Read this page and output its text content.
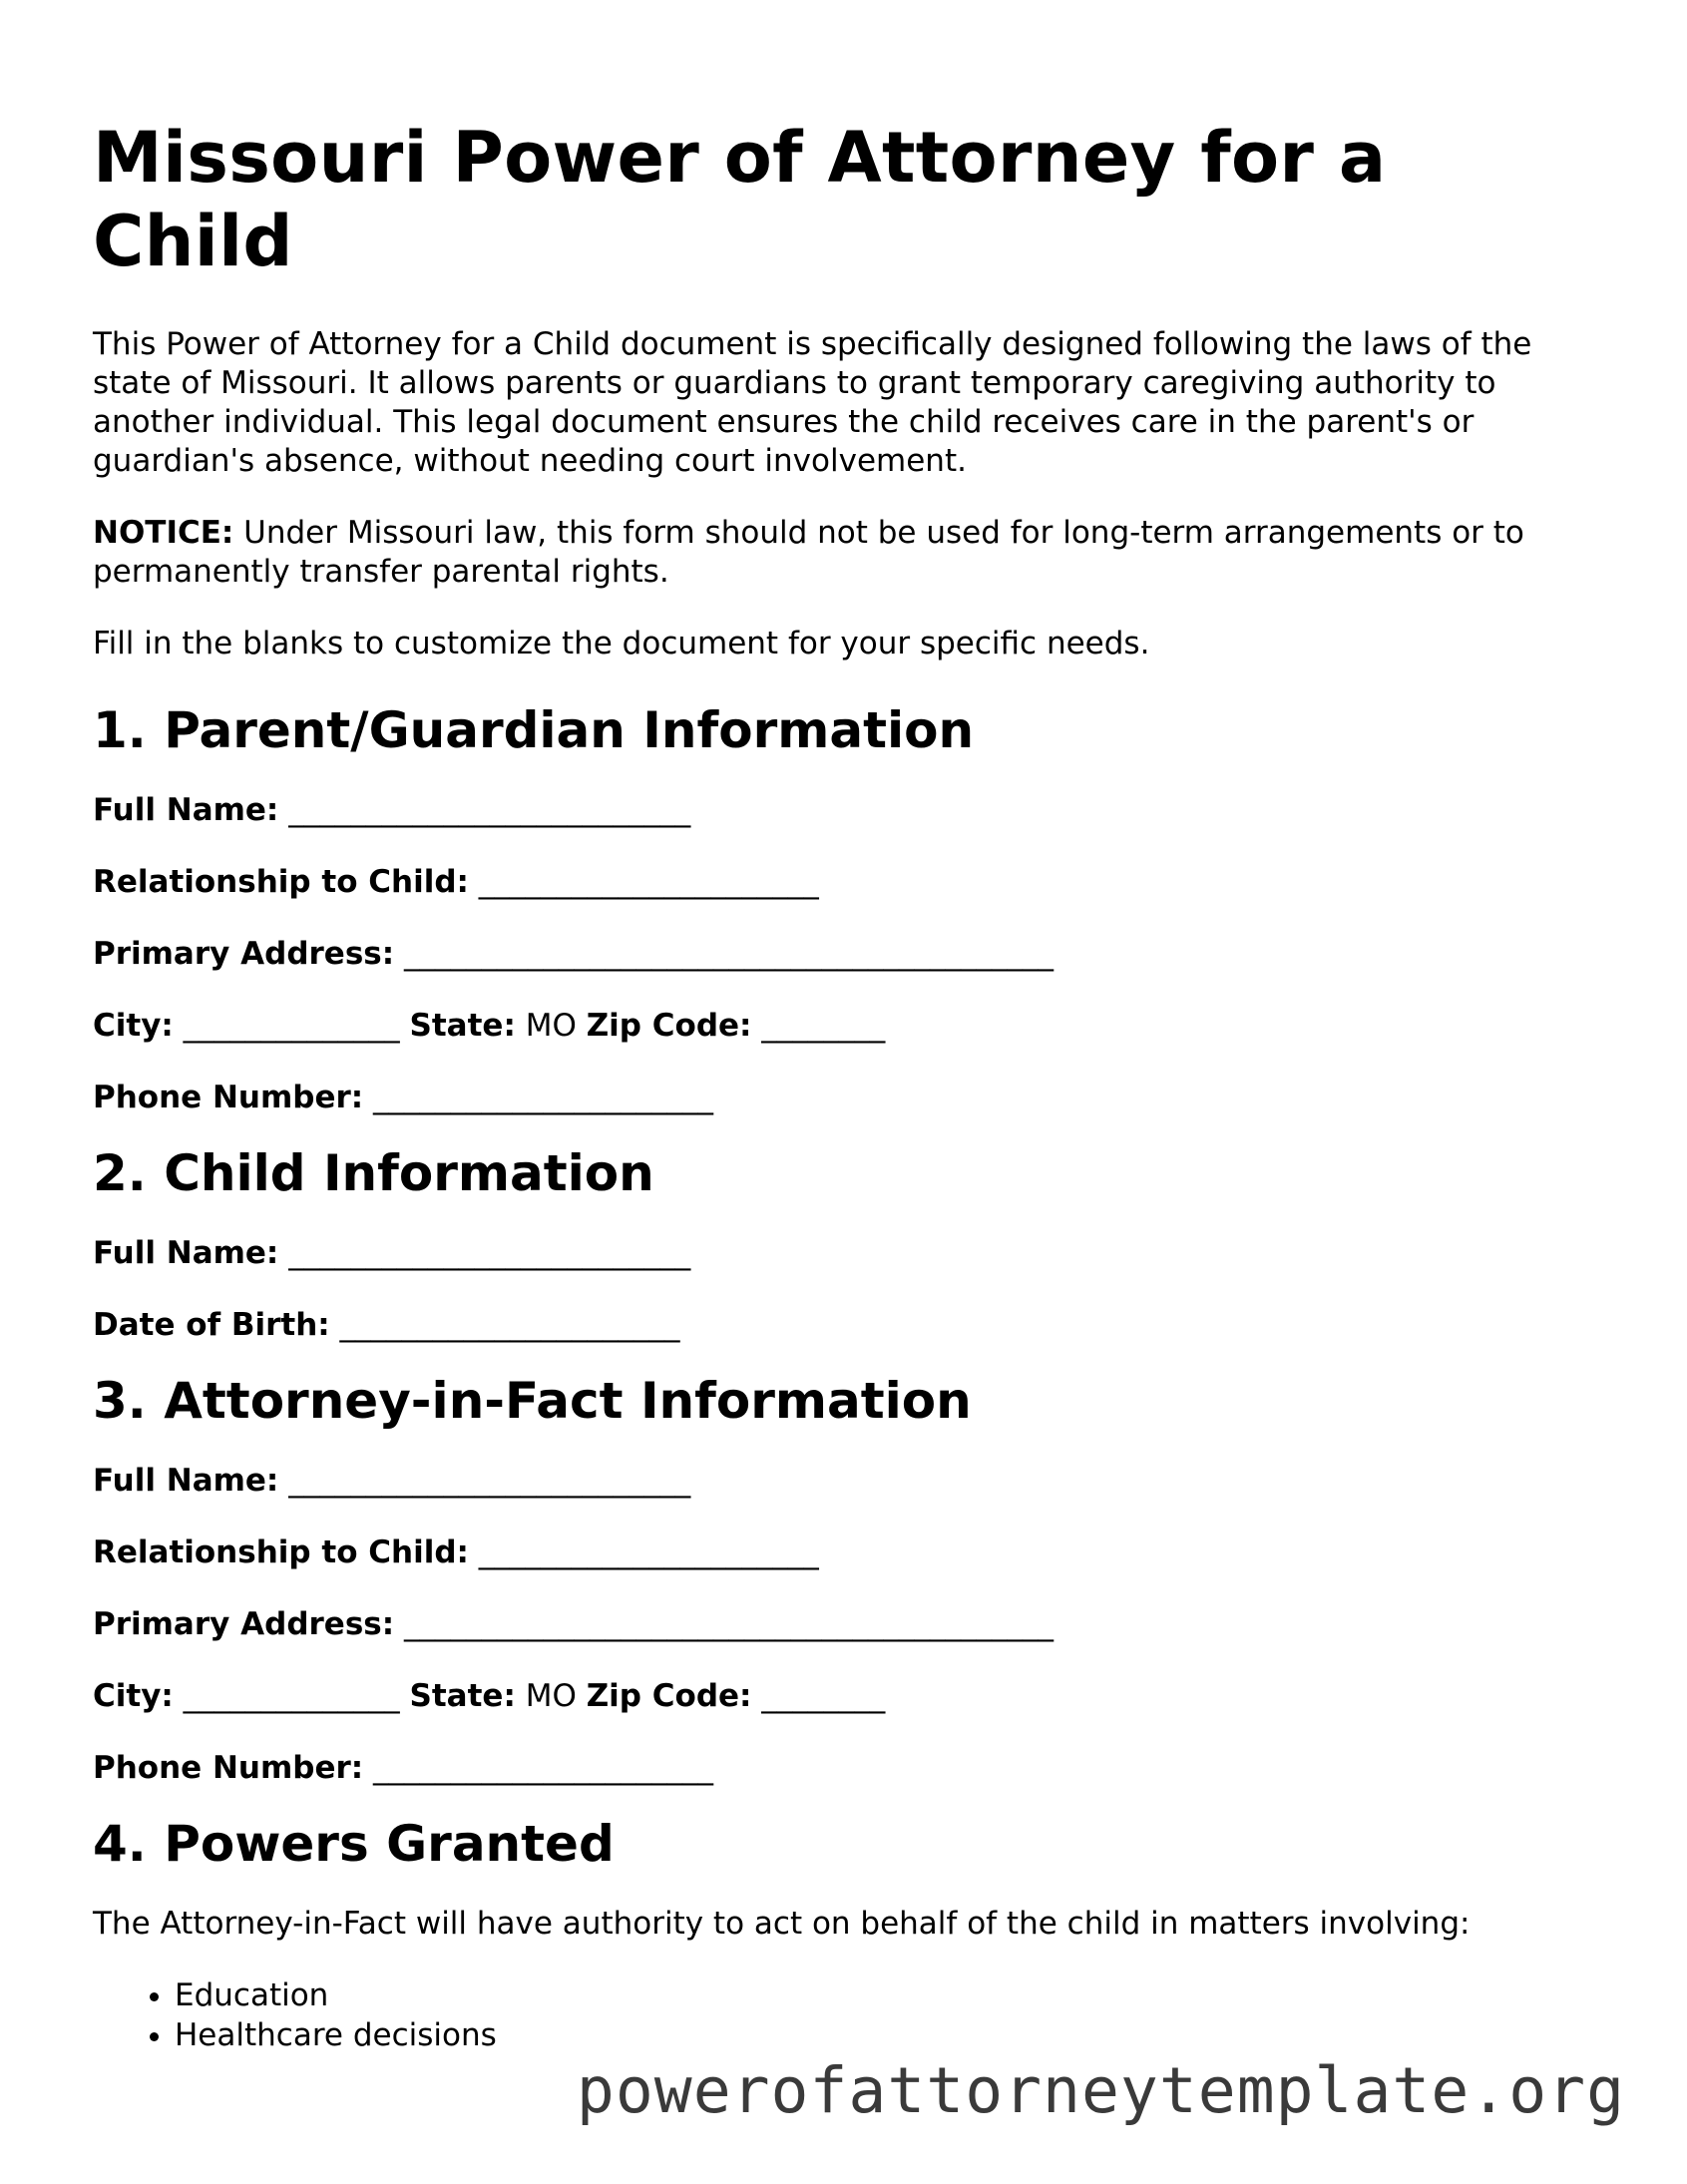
Missouri Power of Attorney for a Child

This Power of Attorney for a Child document is specifically designed following the laws of the state of Missouri. It allows parents or guardians to grant temporary caregiving authority to another individual. This legal document ensures the child receives care in the parent's or guardian's absence, without needing court involvement.

NOTICE: Under Missouri law, this form should not be used for long-term arrangements or to permanently transfer parental rights.

Fill in the blanks to customize the document for your specific needs.

1. Parent/Guardian Information

Full Name: __________________________

Relationship to Child: ______________________

Primary Address: __________________________________________

City: ______________ State: MO Zip Code: ________

Phone Number: ______________________

2. Child Information

Full Name: __________________________

Date of Birth: ______________________

3. Attorney-in-Fact Information

Full Name: __________________________

Relationship to Child: ______________________

Primary Address: __________________________________________

City: ______________ State: MO Zip Code: ________

Phone Number: ______________________

4. Powers Granted

The Attorney-in-Fact will have authority to act on behalf of the child in matters involving:

• Education
• Healthcare decisions
powerofattorneytemplate.org
